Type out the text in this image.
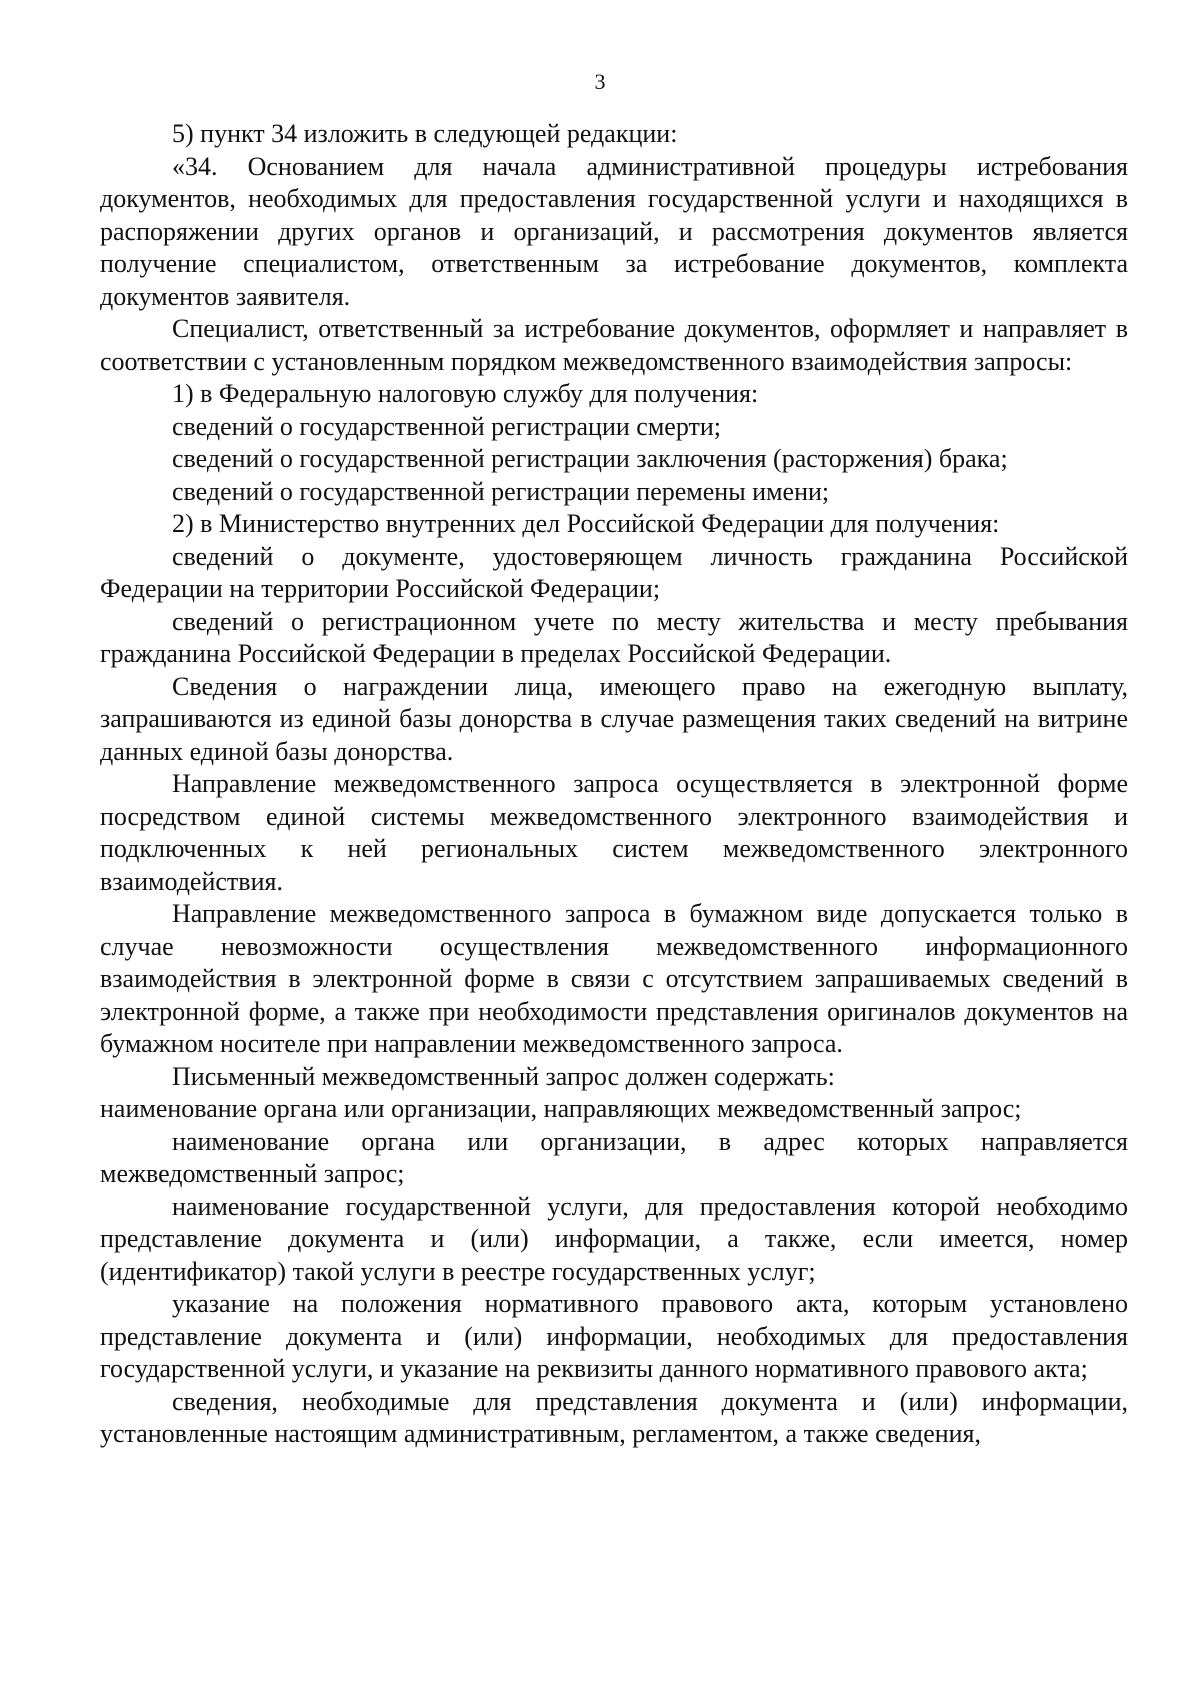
3

5) пункт 34 изложить в следующей редакции:

«34. Основанием для начала административной процедуры истребования документов, необходимых для предоставления государственной услуги и находящихся в распоряжении других органов и организаций, и рассмотрения документов является получение специалистом, ответственным за истребование документов, комплекта документов заявителя.

Специалист, ответственный за истребование документов, оформляет и направляет в соответствии с установленным порядком межведомственного взаимодействия запросы:

1) в Федеральную налоговую службу для получения:

сведений о государственной регистрации смерти;

сведений о государственной регистрации заключения (расторжения) брака;

сведений о государственной регистрации перемены имени;

2) в Министерство внутренних дел Российской Федерации для получения:

сведений о документе, удостоверяющем личность гражданина Российской Федерации на территории Российской Федерации;

сведений о регистрационном учете по месту жительства и месту пребывания гражданина Российской Федерации в пределах Российской Федерации.

Сведения о награждении лица, имеющего право на ежегодную выплату, запрашиваются из единой базы донорства в случае размещения таких сведений на витрине данных единой базы донорства.

Направление межведомственного запроса осуществляется в электронной форме посредством единой системы межведомственного электронного взаимодействия и подключенных к ней региональных систем межведомственного электронного взаимодействия.

Направление межведомственного запроса в бумажном виде допускается только в случае невозможности осуществления межведомственного информационного взаимодействия в электронной форме в связи с отсутствием запрашиваемых сведений в электронной форме, а также при необходимости представления оригиналов документов на бумажном носителе при направлении межведомственного запроса.

Письменный межведомственный запрос должен содержать:

наименование органа или организации, направляющих межведомственный запрос;

наименование органа или организации, в адрес которых направляется межведомственный запрос;

наименование государственной услуги, для предоставления которой необходимо представление документа и (или) информации, а также, если имеется, номер (идентификатор) такой услуги в реестре государственных услуг;

указание на положения нормативного правового акта, которым установлено представление документа и (или) информации, необходимых для предоставления государственной услуги, и указание на реквизиты данного нормативного правового акта;

сведения, необходимые для представления документа и (или) информации, установленные настоящим административным, регламентом, а также сведения,
